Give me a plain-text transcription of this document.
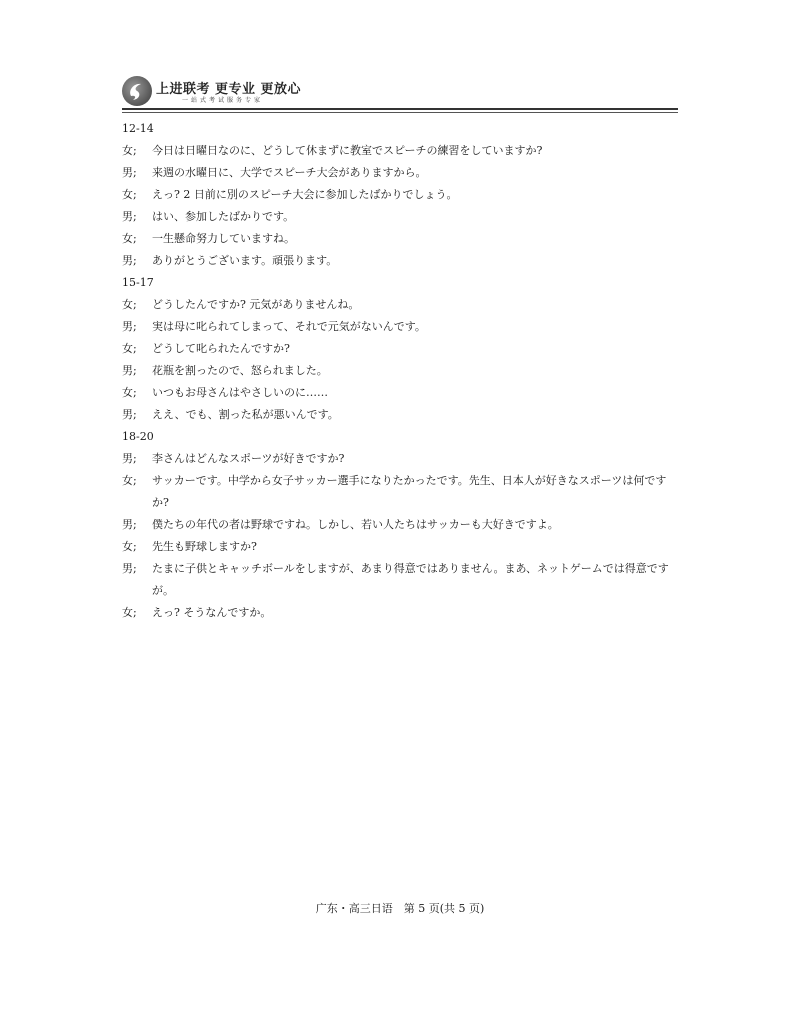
上进联考 更专业 更放心
一站式考试服务专家
12-14
女; 今日は日曜日なのに、どうして休まずに教室でスピーチの練習をしていますか?
男; 来週の水曜日に、大学でスピーチ大会がありますから。
女; えっ? 2 日前に別のスピーチ大会に参加したばかりでしょう。
男; はい、参加したばかりです。
女; 一生懸命努力していますね。
男; ありがとうございます。頑張ります。
15-17
女; どうしたんですか? 元気がありませんね。
男; 実は母に叱られてしまって、それで元気がないんです。
女; どうして叱られたんですか?
男; 花瓶を割ったので、怒られました。
女; いつもお母さんはやさしいのに……
男; ええ、でも、割った私が悪いんです。
18-20
男; 李さんはどんなスポーツが好きですか?
女; サッカーです。中学から女子サッカー選手になりたかったです。先生、日本人が好きなスポーツは何ですか?
男; 僕たちの年代の者は野球ですね。しかし、若い人たちはサッカーも大好きですよ。
女; 先生も野球しますか?
男; たまに子供とキャッチボールをしますが、あまり得意ではありません。まあ、ネットゲームでは得意ですが。
女; えっ? そうなんですか。
广东・高三日语　第 5 页(共 5 页)
